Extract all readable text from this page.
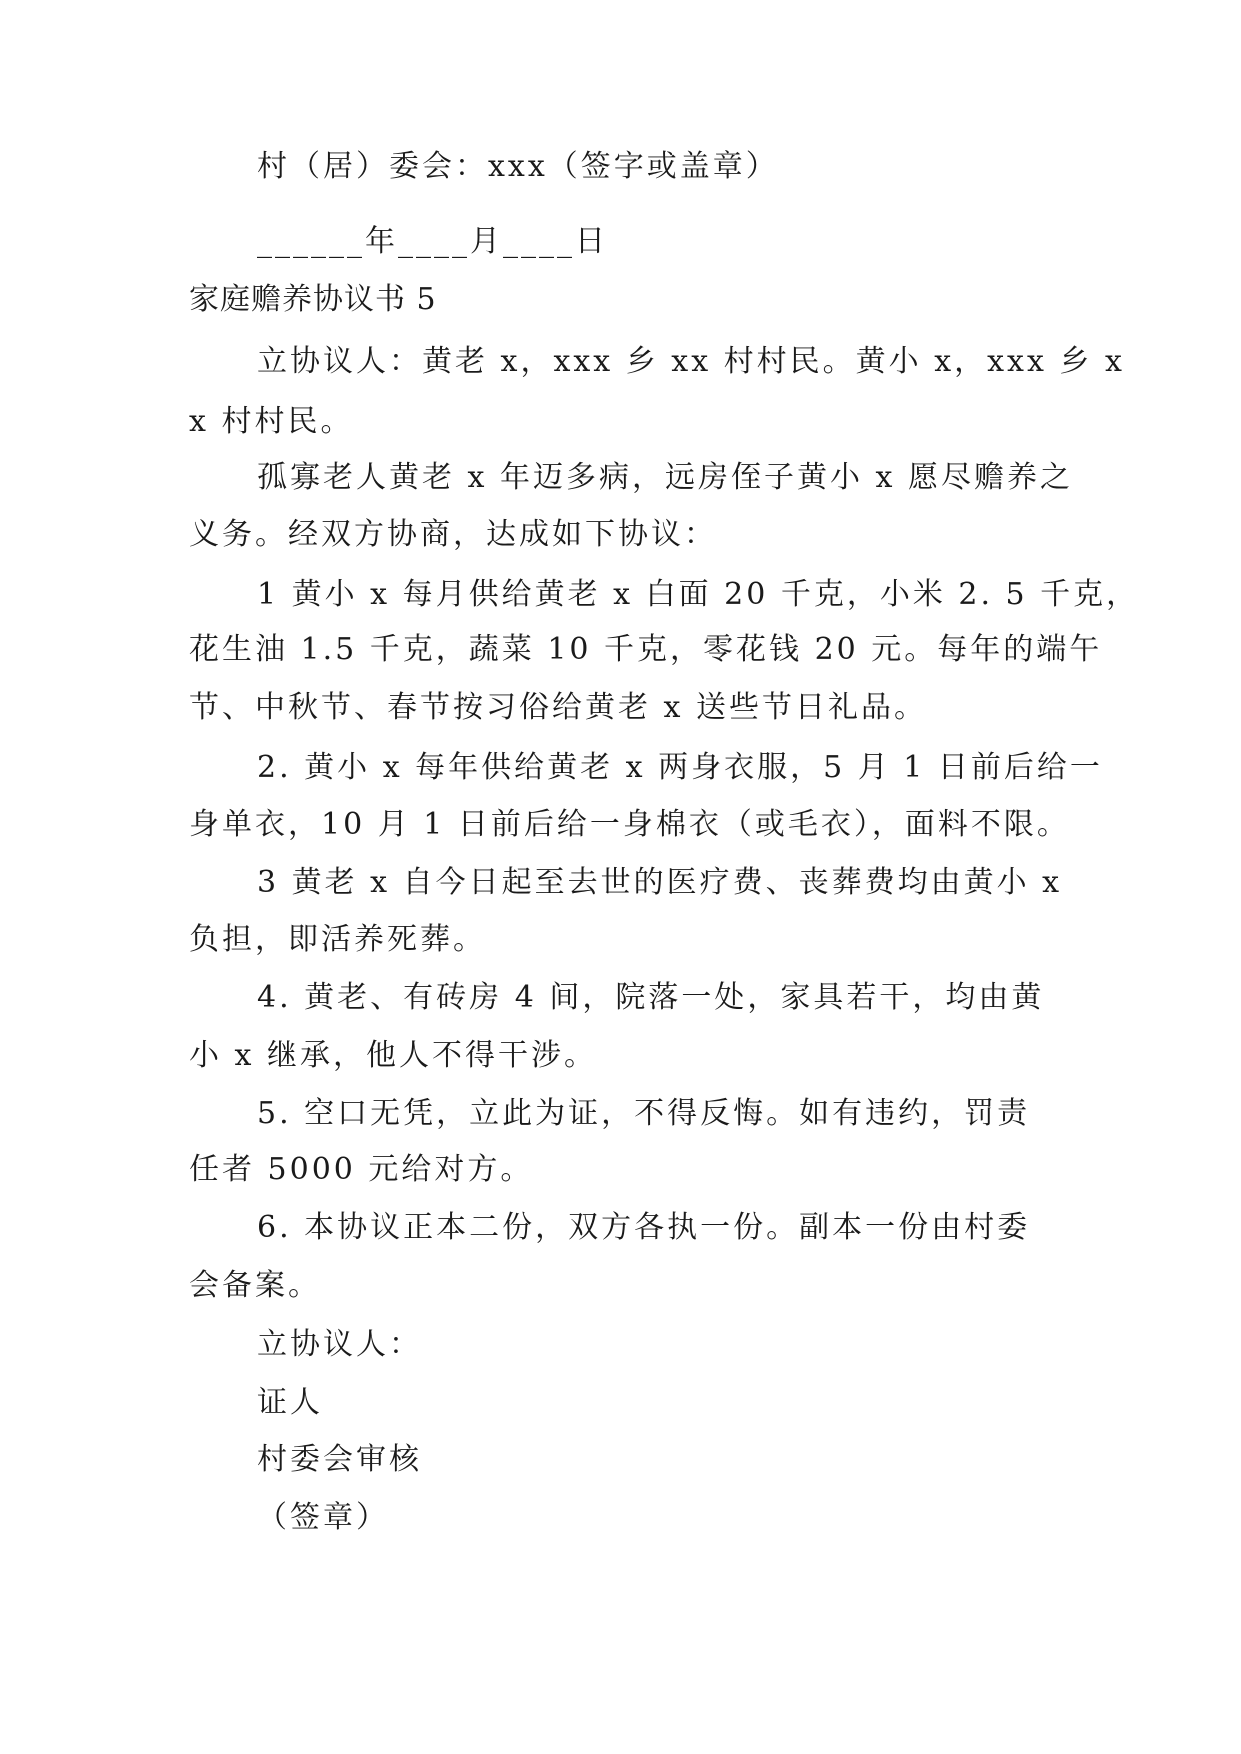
村（居）委会：xxx（签字或盖章）
______年____月____日
家庭赡养协议书 5
立协议人：黄老 x，xxx 乡 xx 村村民。黄小 x，xxx 乡 x
x 村村民。
孤寡老人黄老 x 年迈多病，远房侄子黄小 x 愿尽赡养之
义务。经双方协商，达成如下协议：
1 黄小 x 每月供给黄老 x 白面 20 千克，小米 2. 5 千克，
花生油 1.5 千克，蔬菜 10 千克，零花钱 20 元。每年的端午
节、中秋节、春节按习俗给黄老 x 送些节日礼品。
2. 黄小 x 每年供给黄老 x 两身衣服，5 月 1 日前后给一
身单衣，10 月 1 日前后给一身棉衣（或毛衣），面料不限。
3 黄老 x 自今日起至去世的医疗费、丧葬费均由黄小 x
负担，即活养死葬。
4. 黄老、有砖房 4 间，院落一处，家具若干，均由黄
小 x 继承，他人不得干涉。
5. 空口无凭，立此为证，不得反悔。如有违约，罚责
任者 5000 元给对方。
6. 本协议正本二份，双方各执一份。副本一份由村委
会备案。
立协议人：
证人
村委会审核
（签章）
